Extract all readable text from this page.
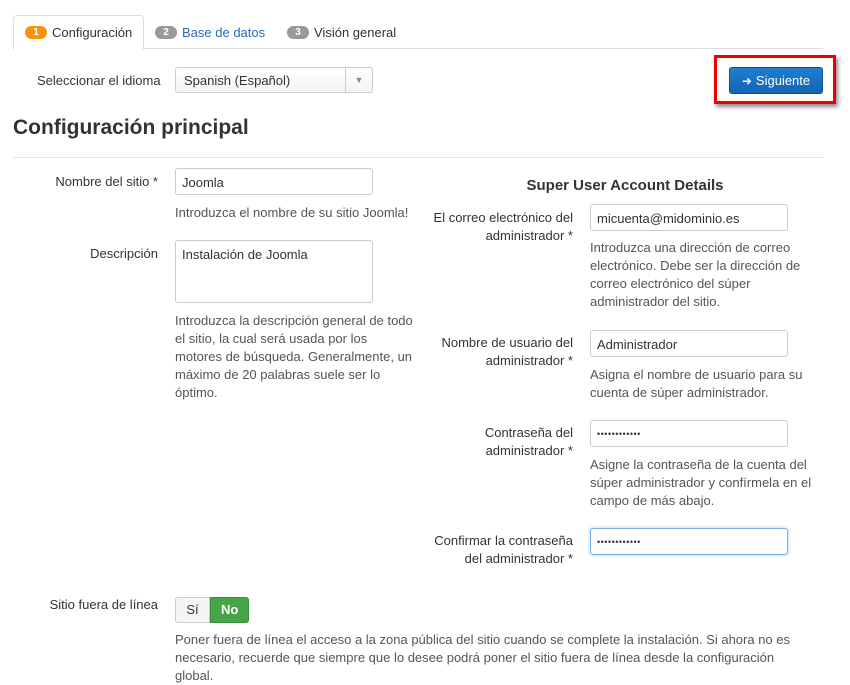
1	Configuración	2	Base de datos	3	Visión general
Seleccionar el idioma Spanish (Español)	▼	➜ Siguiente
Configuración principal
Nombre del sitio *	Joomla
Introduzca el nombre de su sitio Joomla!
Descripción	Instalación de Joomla
Introduzca la descripción general de todo el sitio, la cual será usada por los motores de búsqueda. Generalmente, un máximo de 20 palabras suele ser lo óptimo.
Super User Account Details
El correo electrónico del administrador *
micuenta@midominio.es
Introduzca una dirección de correo electrónico. Debe ser la dirección de correo electrónico del súper administrador del sitio.
Nombre de usuario del administrador *
Administrador
Asigna el nombre de usuario para su cuenta de súper administrador.
Contraseña del administrador *
••••••••••••
Asigne la contraseña de la cuenta del súper administrador y confírmela en el campo de más abajo.
Confirmar la contraseña del administrador *
••••••••••••
Sitio fuera de línea	Sí	No
Poner fuera de línea el acceso a la zona pública del sitio cuando se complete la instalación. Si ahora no es necesario, recuerde que siempre que lo desee podrá poner el sitio fuera de línea desde la configuración global.
